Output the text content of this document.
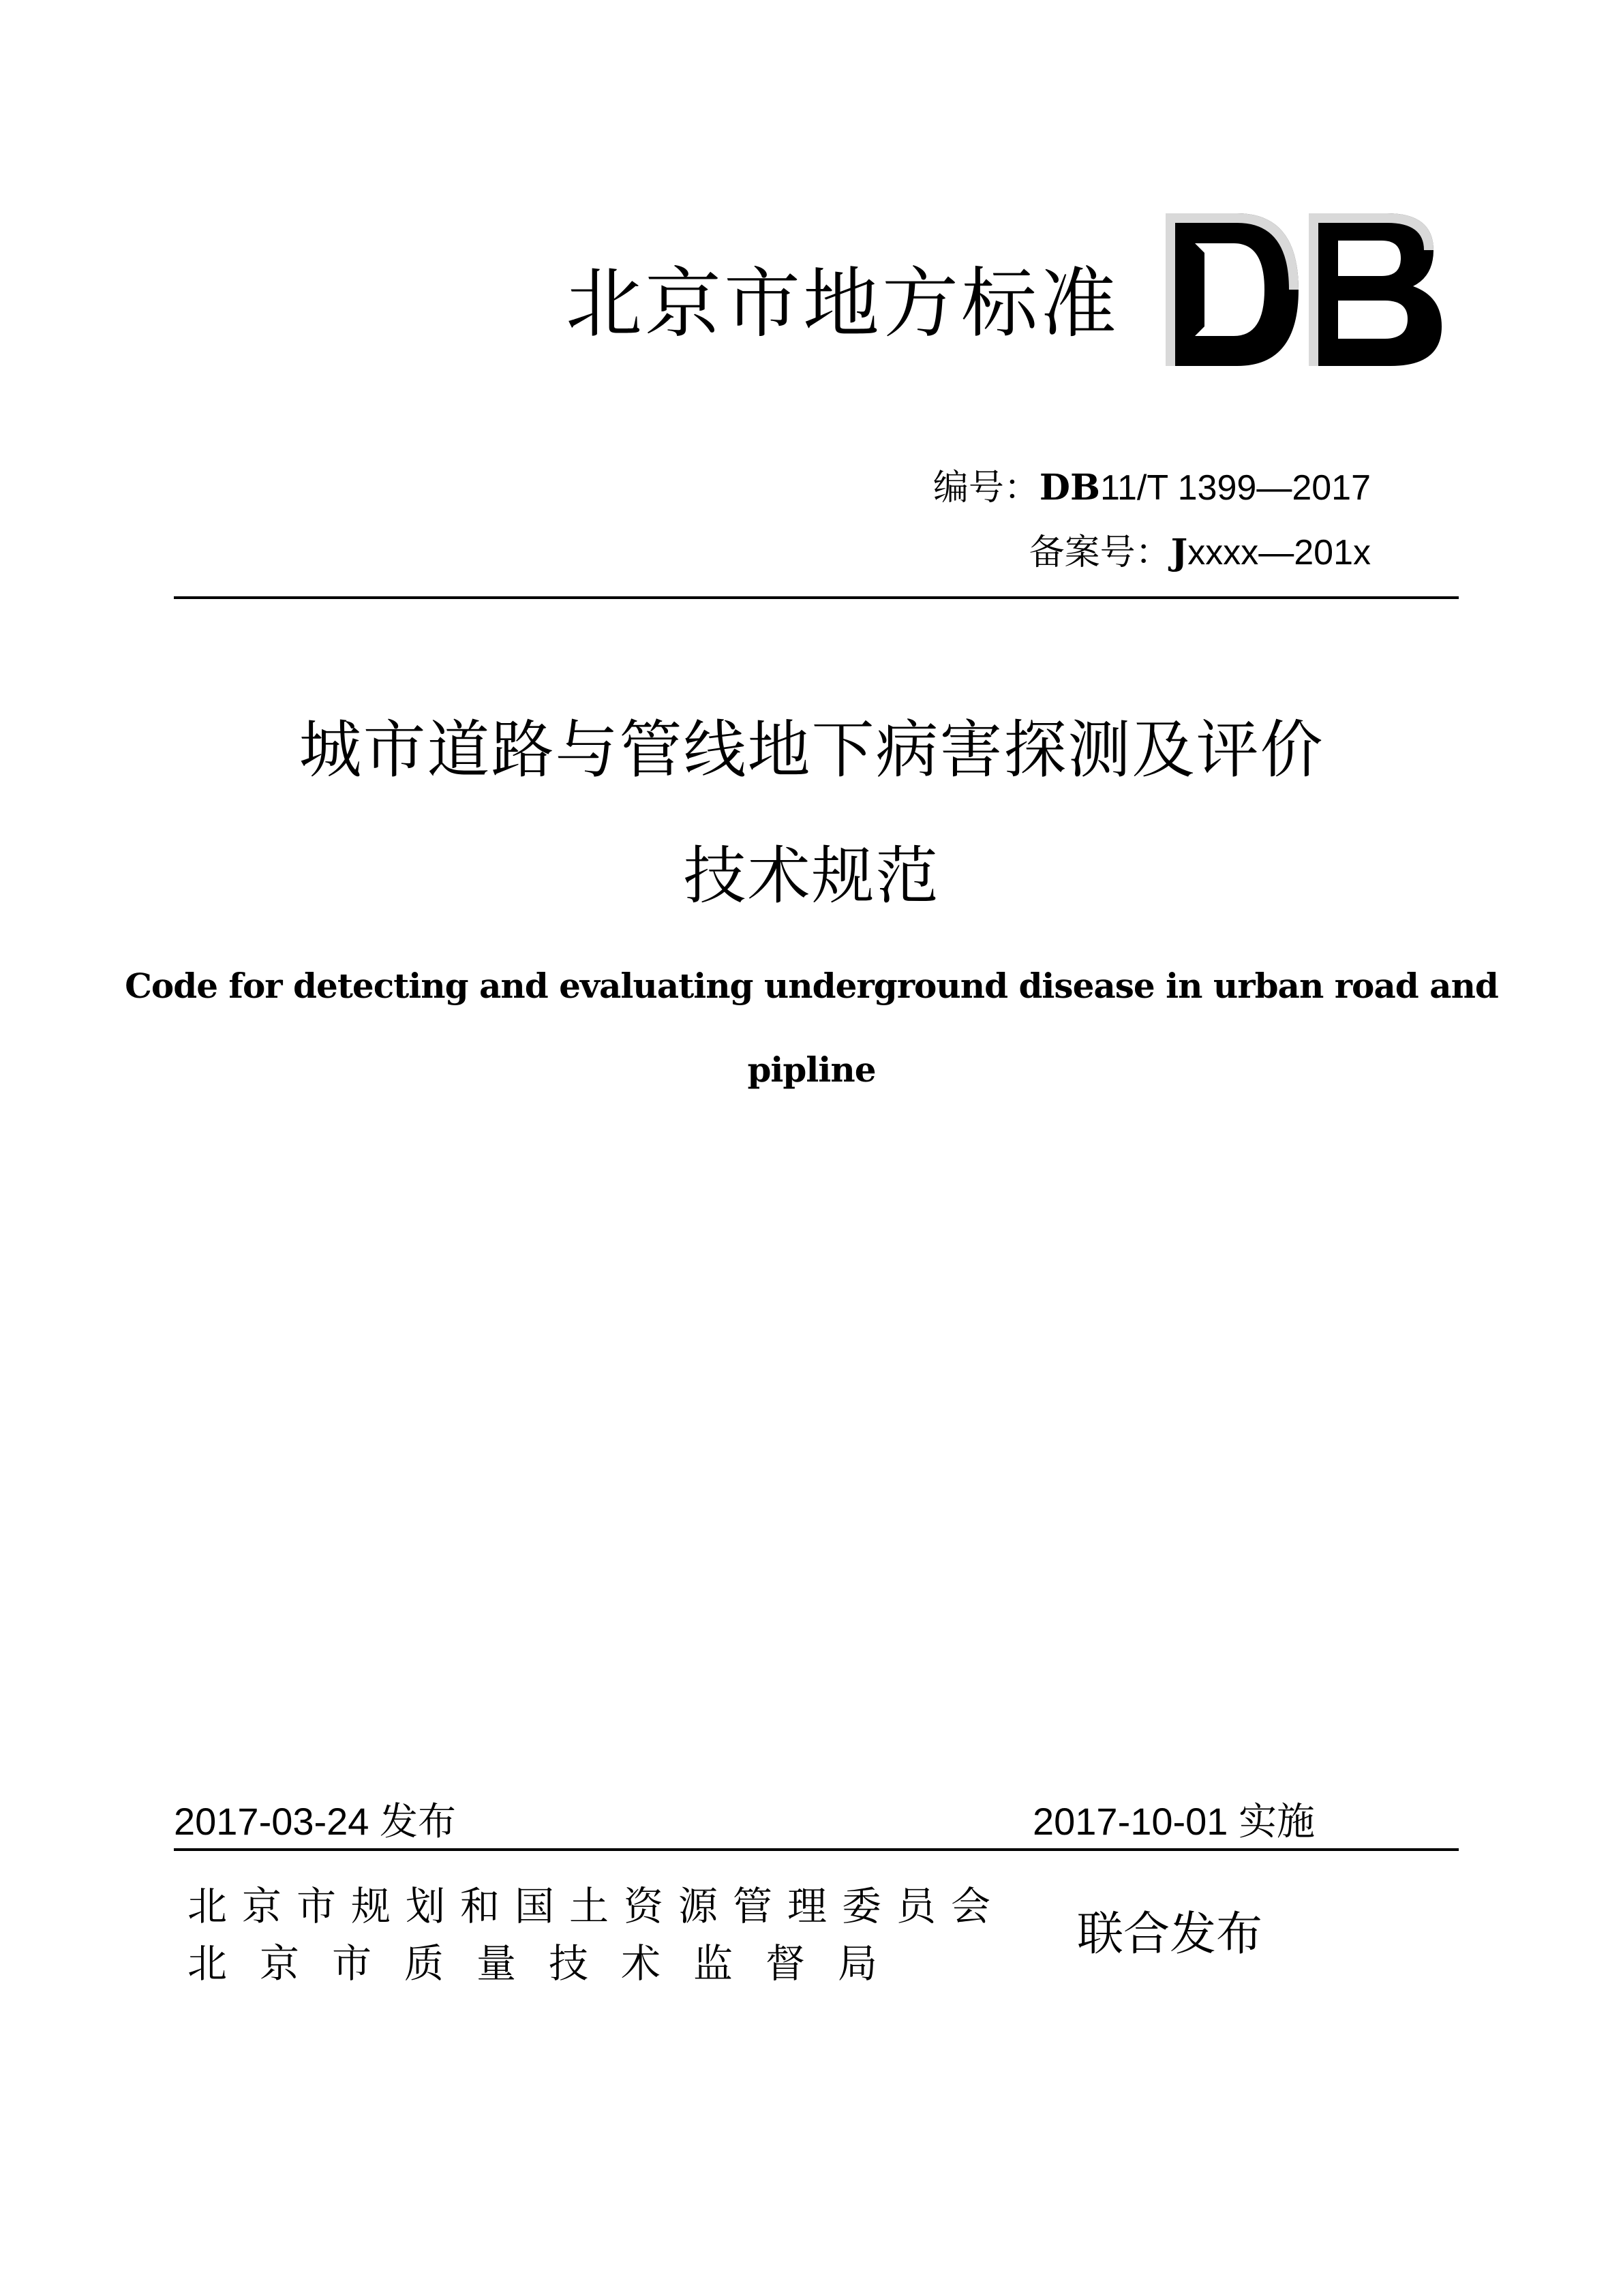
北京市地方标准
编号：DB11/T 1399—2017
备案号：Jxxxx—201x
城市道路与管线地下病害探测及评价
技术规范
Code for detecting and evaluating underground disease in urban road and
pipline
2017-03-24 发布	2017-10-01 实施
北京市规划和国土资源管理委员会
北京市质量技术监督局
联合发布
